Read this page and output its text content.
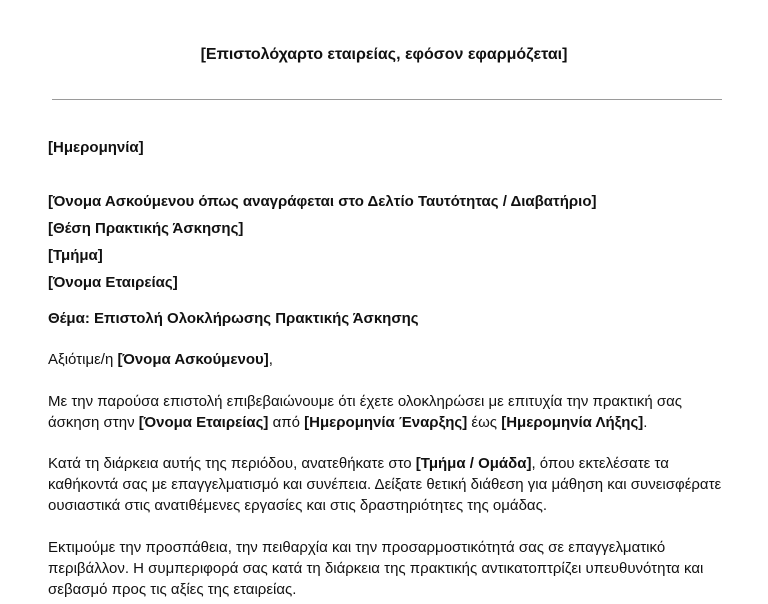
[Επιστολόχαρτο εταιρείας, εφόσον εφαρμόζεται]
[Ημερομηνία]
[Όνομα Ασκούμενου όπως αναγράφεται στο Δελτίο Ταυτότητας / Διαβατήριο]
[Θέση Πρακτικής Άσκησης]
[Τμήμα]
[Όνομα Εταιρείας]
Θέμα: Επιστολή Ολοκλήρωσης Πρακτικής Άσκησης
Αξιότιμε/η [Όνομα Ασκούμενου],
Με την παρούσα επιστολή επιβεβαιώνουμε ότι έχετε ολοκληρώσει με επιτυχία την πρακτική σας άσκηση στην [Όνομα Εταιρείας] από [Ημερομηνία Έναρξης] έως [Ημερομηνία Λήξης].
Κατά τη διάρκεια αυτής της περιόδου, ανατεθήκατε στο [Τμήμα / Ομάδα], όπου εκτελέσατε τα καθήκοντά σας με επαγγελματισμό και συνέπεια. Δείξατε θετική διάθεση για μάθηση και συνεισφέρατε ουσιαστικά στις ανατιθέμενες εργασίες και στις δραστηριότητες της ομάδας.
Εκτιμούμε την προσπάθεια, την πειθαρχία και την προσαρμοστικότητά σας σε επαγγελματικό περιβάλλον. Η συμπεριφορά σας κατά τη διάρκεια της πρακτικής αντικατοπτρίζει υπευθυνότητα και σεβασμό προς τις αξίες της εταιρείας.
